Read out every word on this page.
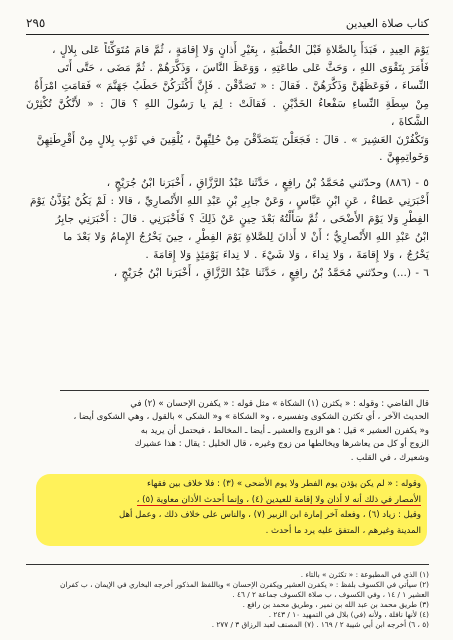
كتاب صلاة العيدين
٢٩٥

يَوْمَ العِيدِ ، فَبَدَأَ بِالصَّلاةِ قَبْلَ الخُطْبَةِ ، بِغَيْرِ أَذانٍ وَلا إِقامَةٍ ، ثُمَّ قامَ مُتَوَكِّئاً عَلى بِلالٍ ،

فَأَمَرَ بِتَقْوَى اللهِ ، وَحَثَّ عَلى طاعَتِهِ ، وَوَعَظَ النَّاسَ ، وَذَكَّرَهُمْ . ثُمَّ مَضَى ، حَتَّى أَتَى

النِّساءَ ، فَوَعَظَهُنَّ وَذَكَّرَهُنَّ . فَقالَ : « تَصَدَّقْنَ . فَإِنَّ أَكْثَرَكُنَّ حَطَبُ جَهَنَّمَ » فَقامَتِ امْرَأَةٌ

مِنْ سِطَةِ النِّساءِ سَفْعاءُ الخَدَّيْنِ . فَقالَتْ : لِمَ يا رَسُولَ اللهِ ؟ قالَ : « لأَنَّكُنَّ تُكْثِرْنَ الشَّكاةَ ،

وَتَكْفُرْنَ العَشِيرَ » . قالَ : فَجَعَلْنَ يَتَصَدَّقْنَ مِنْ حُلِيِّهِنَّ ، يُلْقِينَ في ثَوْبِ بِلالٍ مِنْ أَقْرِطَتِهِنَّ

وَخَواتِمِهِنَّ .

٥ - (٨٨٦) وحدّثني مُحَمَّدُ بْنُ رافِعٍ ، حَدَّثَنا عَبْدُ الرَّزَّاقِ ، أَخْبَرَنا ابْنُ جُرَيْجٍ ،

أَخْبَرَنِي عَطاءٌ ، عَنِ ابْنِ عَبَّاسٍ ، وَعَنْ جابِرِ بْنِ عَبْدِ اللهِ الأَنْصارِيِّ ، قالا : لَمْ يَكُنْ يُؤَذَّنُ يَوْمَ

الفِطْرِ وَلا يَوْمَ الأَضْحَى ، ثُمَّ سَأَلْتُهُ بَعْدَ حِينٍ عَنْ ذَلِكَ ؟ فَأَخْبَرَنِي . قالَ : أَخْبَرَنِي جابِرُ

ابْنُ عَبْدِ اللهِ الأَنْصارِيُّ ؛ أَنْ لا أَذانَ لِلصَّلاةِ يَوْمَ الفِطْرِ ، حِينَ يَخْرُجُ الإِمامُ وَلا بَعْدَ ما

يَخْرُجُ ، وَلا إِقامَةَ ، وَلا نِداءَ ، وَلا شَيْءَ . لا نِداءَ يَوْمَئِذٍ وَلا إِقامَةَ .

٦ - (...) وحدّثني مُحَمَّدُ بْنُ رافِعٍ ، حَدَّثَنا عَبْدُ الرَّزَّاقِ ، أَخْبَرَنا ابْنُ جُرَيْجٍ ،

قال القاضي : وقوله : « يكثرن (١) الشكاة » مثل قوله : « يكفرن الإحسان » (٢) في

الحديث الآخر ، أي تكثرن الشكوى وتفسيره ، و« الشكاة » و« الشكى » بالقول ، وهي الشكوى أيضا ،

و« يكفرن العشير » قيل : هو الزوج والعشير ـ أيضا ـ المخالط ، فيحتمل أن يريد به

الزوج أو كل من يعاشرها ويخالطها من زوج وغيره ، قال الخليل : يقال : هذا عشيرك

وشعيرك ، في القلب .

وقوله : « لم يكن يؤذن يوم الفطر ولا يوم الأضحى » (٣) : فلا خلاف بين فقهاء

الأمصار في ذلك أنه لا أذان ولا إقامة للعيدين (٤) ، وإنما أحدث الأذان معاوية (٥) ،

وقيل : زياد (٦) ، وفعله آخر إمارة ابن الزبير (٧) ، والناس على خلاف ذلك ، وعمل أهل

المدينة وغيرهم ، المتفق عليه يرد ما أحدث .

(١) الذي في المطبوعة : « تكثرن » بالتاء .

(٢) سيأتي في الكسوف بلفظ : « يكفرن العشير ويكفرن الإحسان » وباللفظ المذكور أخرجه البخاري في الإيمان ، ب كفران

العشير ١ / ١٤ ، وفي الكسوف ، ب صلاة الكسوف جماعة ٢ / ٤٦ .

(٣) طريق محمد بن عبد الله بن نمير ، وطريق محمد بن رافع .

(٤) لأنها نافلة ، ولأنه (في) بلال في التمهيد ١٠ / ٢٤٣ .

(٥ ، ٦) أخرجه ابن أبي شيبة ٢ / ١٦٩ . (٧) المصنف لعبد الرزاق ٣ / ٢٧٧ .
